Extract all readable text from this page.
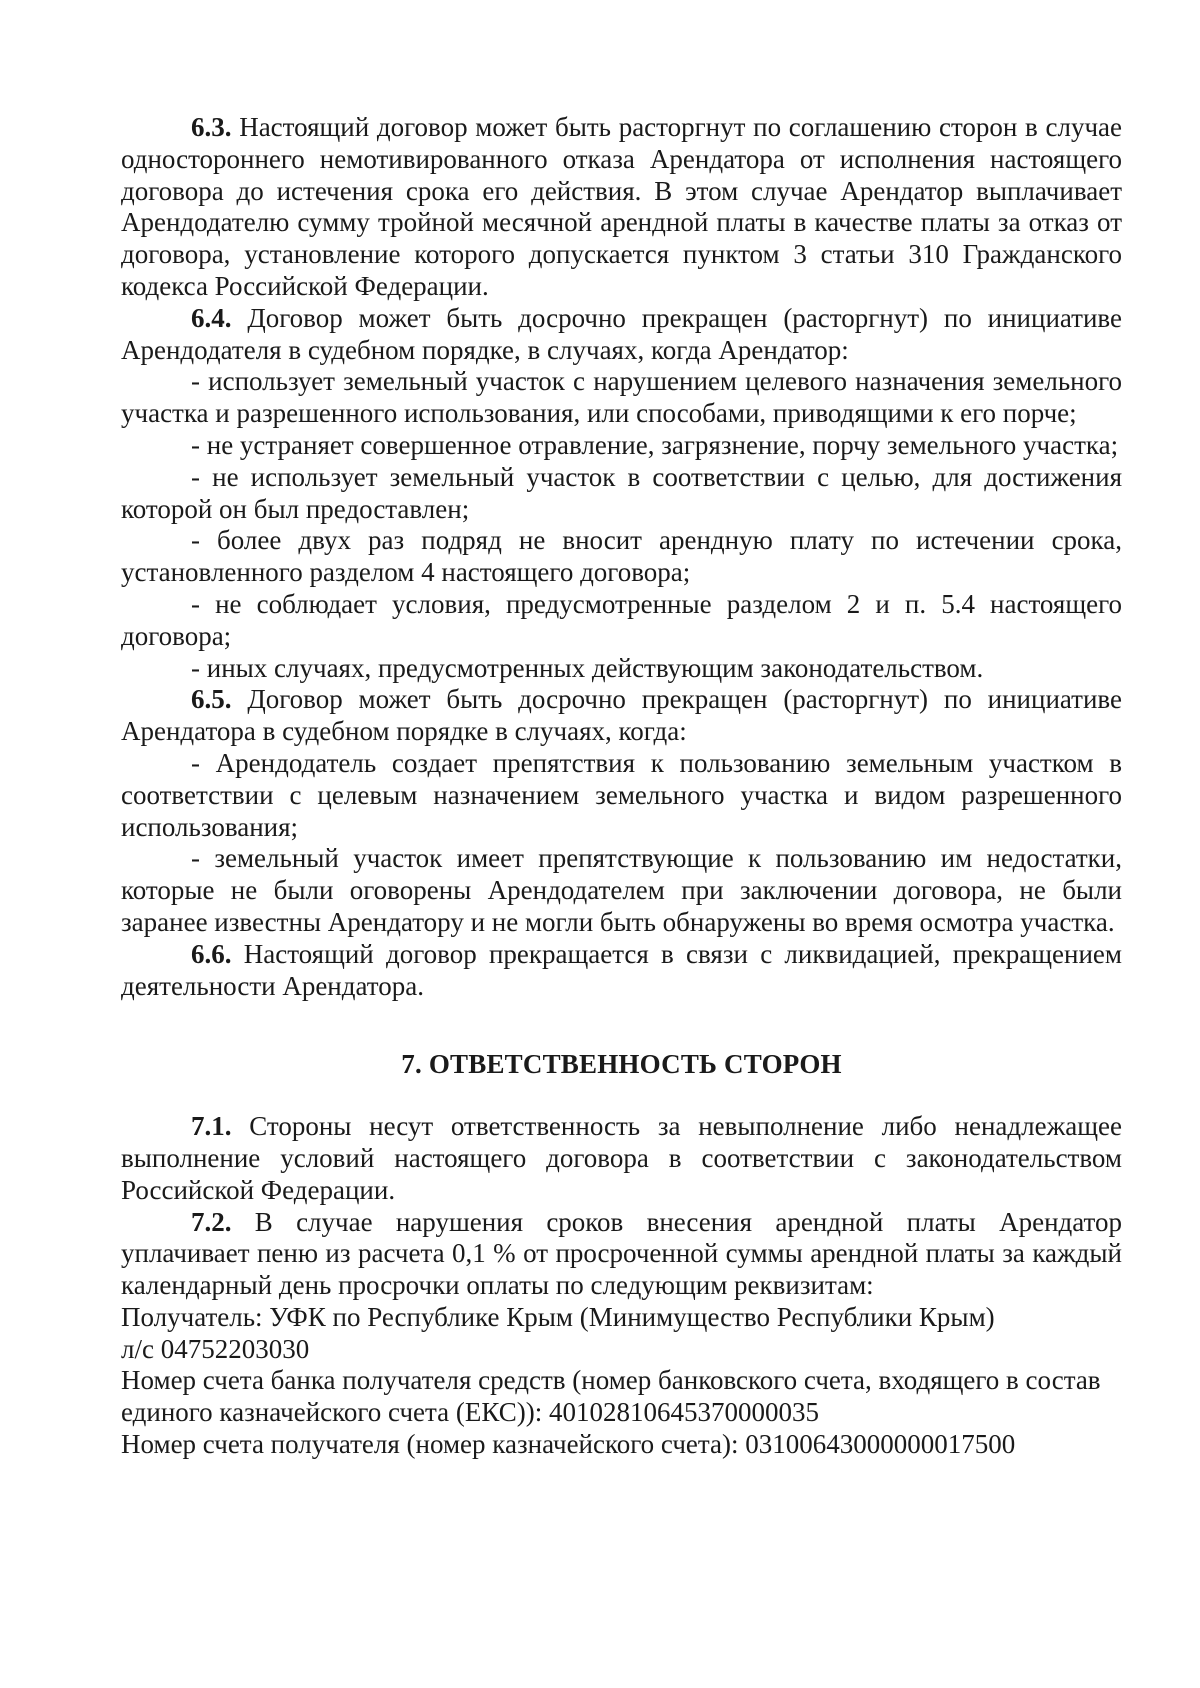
6.3. Настоящий договор может быть расторгнут по соглашению сторон в случае одностороннего немотивированного отказа Арендатора от исполнения настоящего договора до истечения срока его действия. В этом случае Арендатор выплачивает Арендодателю сумму тройной месячной арендной платы в качестве платы за отказ от договора, установление которого допускается пунктом 3 статьи 310 Гражданского кодекса Российской Федерации.

6.4. Договор может быть досрочно прекращен (расторгнут) по инициативе Арендодателя в судебном порядке, в случаях, когда Арендатор:

- использует земельный участок с нарушением целевого назначения земельного участка и разрешенного использования, или способами, приводящими к его порче;

- не устраняет совершенное отравление, загрязнение, порчу земельного участка;

- не использует земельный участок в соответствии с целью, для достижения которой он был предоставлен;

- более двух раз подряд не вносит арендную плату по истечении срока, установленного разделом 4 настоящего договора;

- не соблюдает условия, предусмотренные разделом 2 и п. 5.4 настоящего договора;

- иных случаях, предусмотренных действующим законодательством.

6.5. Договор может быть досрочно прекращен (расторгнут) по инициативе Арендатора в судебном порядке в случаях, когда:

- Арендодатель создает препятствия к пользованию земельным участком в соответствии с целевым назначением земельного участка и видом разрешенного использования;

- земельный участок имеет препятствующие к пользованию им недостатки, которые не были оговорены Арендодателем при заключении договора, не были заранее известны Арендатору и не могли быть обнаружены во время осмотра участка.

6.6. Настоящий договор прекращается в связи с ликвидацией, прекращением деятельности Арендатора.

7. ОТВЕТСТВЕННОСТЬ СТОРОН

7.1. Стороны несут ответственность за невыполнение либо ненадлежащее выполнение условий настоящего договора в соответствии с законодательством Российской Федерации.

7.2. В случае нарушения сроков внесения арендной платы Арендатор уплачивает пеню из расчета 0,1 % от просроченной суммы арендной платы за каждый календарный день просрочки оплаты по следующим реквизитам:

Получатель: УФК по Республике Крым (Минимущество Республики Крым)

л/с 04752203030

Номер счета банка получателя средств (номер банковского счета, входящего в состав единого казначейского счета (ЕКС)): 40102810645370000035

Номер счета получателя (номер казначейского счета): 03100643000000017500
